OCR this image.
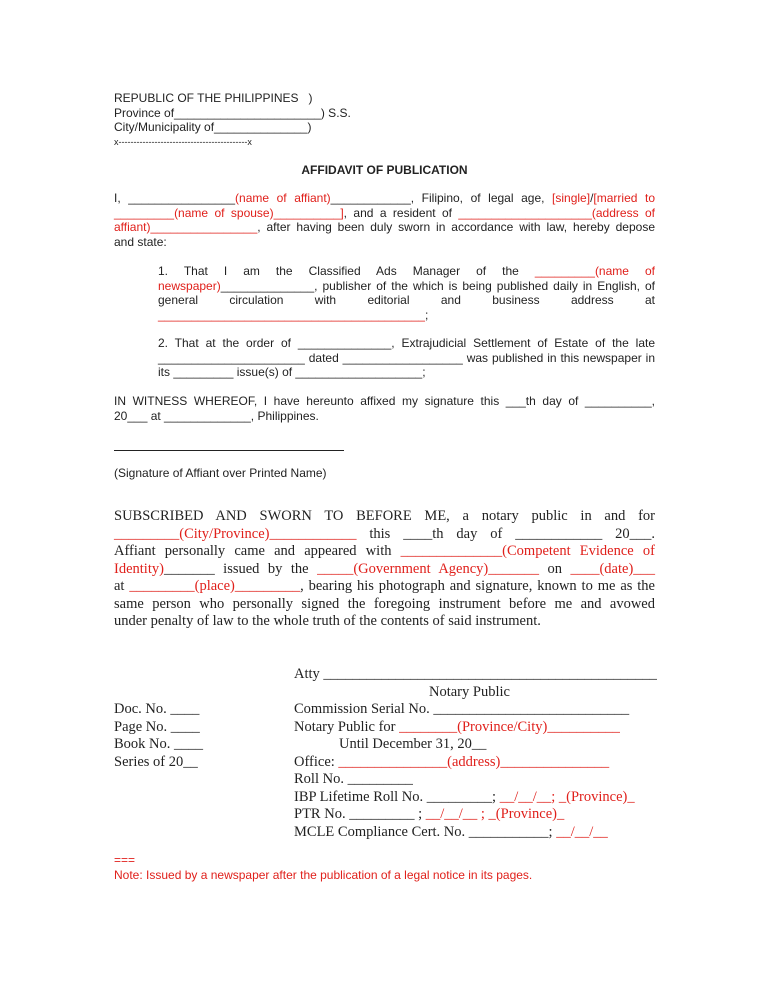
REPUBLIC OF THE PHILIPPINES   )
Province of______________________) S.S.
City/Municipality of______________)
x-------------------------------------------x
AFFIDAVIT OF PUBLICATION
I, ________________(name of affiant)____________, Filipino, of legal age, [single]/[married to
_________(name of spouse)__________], and a resident of ____________________(address of
affiant)________________, after having been duly sworn in accordance with law, hereby depose
and state:
1. That I am the Classified Ads Manager of the _________(name of
newspaper)______________, publisher of the which is being published daily in English, of
general circulation with editorial and business address at
________________________________________;
2. That at the order of ______________, Extrajudicial Settlement of Estate of the late
______________________ dated __________________ was published in this newspaper in
its _________ issue(s) of ___________________;
IN WITNESS WHEREOF, I have hereunto affixed my signature this ___th day of __________,
20___ at _____________, Philippines.
(Signature of Affiant over Printed Name)
SUBSCRIBED AND SWORN TO BEFORE ME, a notary public in and for
_________(City/Province)____________ this ____th day of ____________ 20___.
Affiant personally came and appeared with ______________(Competent Evidence of
Identity)_______ issued by the _____(Government Agency)_______ on ____(date)___
at _________(place)_________, bearing his photograph and signature, known to me as the
same person who personally signed the foregoing instrument before me and avowed
under penalty of law to the whole truth of the contents of said instrument.
Atty ______________________________________________
Notary Public
Commission Serial No. ___________________________
Notary Public for ________(Province/City)__________
Until December 31, 20__
Office: _______________(address)_______________
Roll No. _________
IBP Lifetime Roll No. _________; __/__/__; _(Province)_
PTR No. _________ ; __/__/__ ; _(Province)_
MCLE Compliance Cert. No. ___________; __/__/__
Doc. No. ____
Page No. ____
Book No. ____
Series of 20__
===
Note: Issued by a newspaper after the publication of a legal notice in its pages.
